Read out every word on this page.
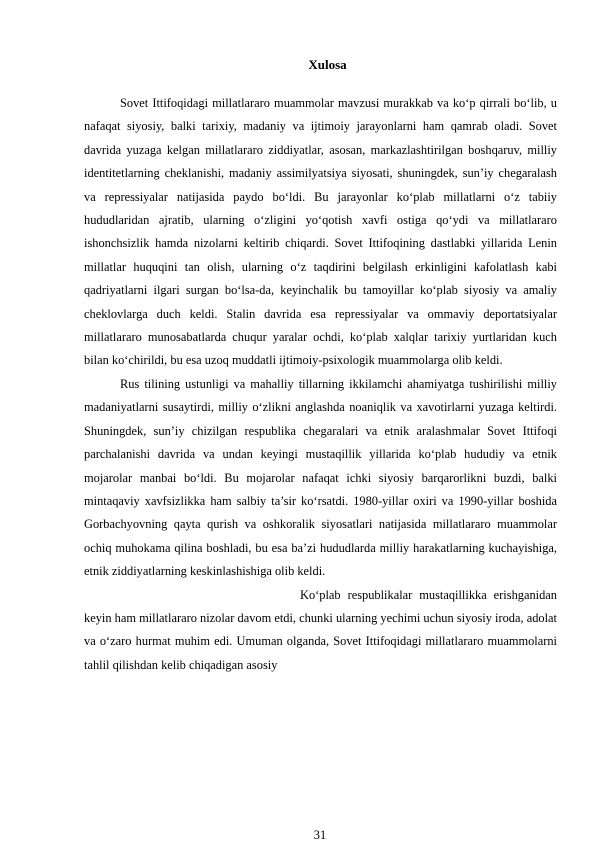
Xulosa

Sovet Ittifoqidagi millatlararo muammolar mavzusi murakkab va ko‘p qirrali bo‘lib, u nafaqat siyosiy, balki tarixiy, madaniy va ijtimoiy jarayonlarni ham qamrab oladi. Sovet davrida yuzaga kelgan millatlararo ziddiyatlar, asosan, markazlashtirilgan boshqaruv, milliy identitetlarning cheklanishi, madaniy assimilyatsiya siyosati, shuningdek, sun’iy chegaralash va repressiyalar natijasida paydo bo‘ldi. Bu jarayonlar ko‘plab millatlarni o‘z tabiiy hududlaridan ajratib, ularning o‘zligini yo‘qotish xavfi ostiga qo‘ydi va millatlararo ishonchsizlik hamda nizolarni keltirib chiqardi. Sovet Ittifoqining dastlabki yillarida Lenin millatlar huquqini tan olish, ularning o‘z taqdirini belgilash erkinligini kafolatlash kabi qadriyatlarni ilgari surgan bo‘lsa-da, keyinchalik bu tamoyillar ko‘plab siyosiy va amaliy cheklovlarga duch keldi. Stalin davrida esa repressiyalar va ommaviy deportatsiyalar millatlararo munosabatlarda chuqur yaralar ochdi, ko‘plab xalqlar tarixiy yurtlaridan kuch bilan ko‘chirildi, bu esa uzoq muddatli ijtimoiy-psixologik muammolarga olib keldi.

Rus tilining ustunligi va mahalliy tillarning ikkilamchi ahamiyatga tushirilishi milliy madaniyatlarni susaytirdi, milliy o‘zlikni anglashda noaniqlik va xavotirlarni yuzaga keltirdi. Shuningdek, sun’iy chizilgan respublika chegaralari va etnik aralashmalar Sovet Ittifoqi parchalanishi davrida va undan keyingi mustaqillik yillarida ko‘plab hududiy va etnik mojarolar manbai bo‘ldi. Bu mojarolar nafaqat ichki siyosiy barqarorlikni buzdi, balki mintaqaviy xavfsizlikka ham salbiy ta’sir ko‘rsatdi. 1980-yillar oxiri va 1990-yillar boshida Gorbachyovning qayta qurish va oshkoralik siyosatlari natijasida millatlararo muammolar ochiq muhokama qilina boshladi, bu esa ba’zi hududlarda milliy harakatlarning kuchayishiga, etnik ziddiyatlarning keskinlashishiga olib keldi.

Ko‘plab respublikalar mustaqillikka erishganidan keyin ham millatlararo nizolar davom etdi, chunki ularning yechimi uchun siyosiy iroda, adolat va o‘zaro hurmat muhim edi. Umuman olganda, Sovet Ittifoqidagi millatlararo muammolarni tahlil qilishdan kelib chiqadigan asosiy

31
